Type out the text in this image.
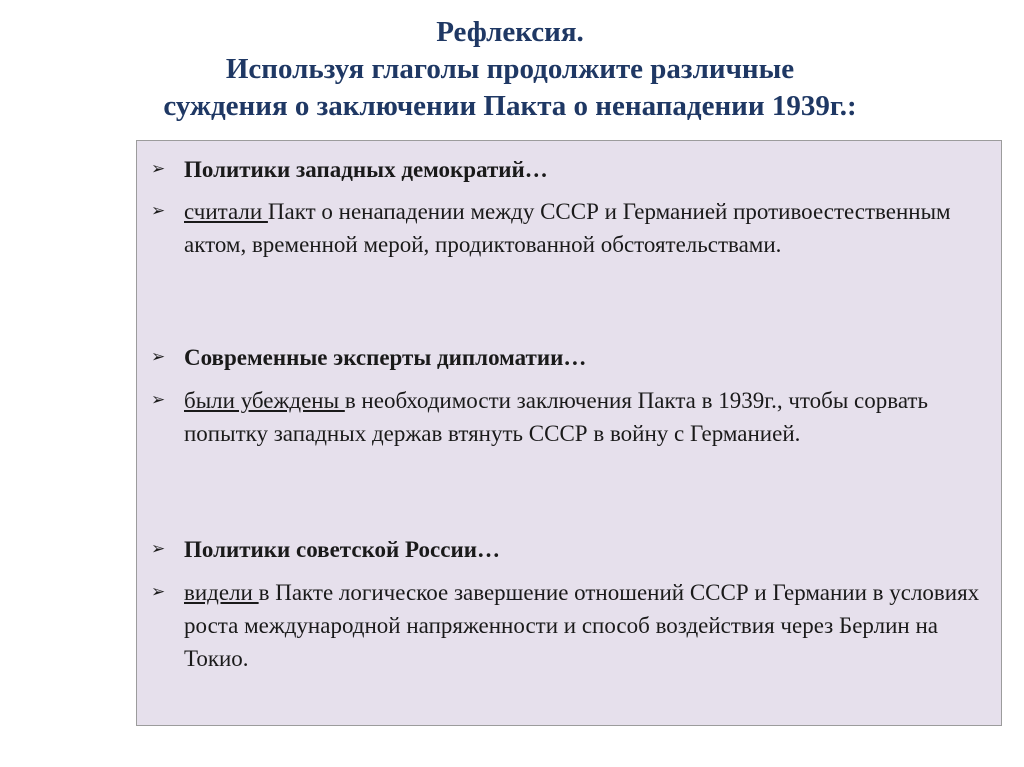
Рефлексия.
Используя глаголы продолжите различные
суждения о заключении Пакта о ненападении 1939г.:
➢ Политики западных демократий…
➢ считали Пакт о ненападении между СССР и Германией противоестественным актом, временной мерой, продиктованной обстоятельствами.
➢ Современные эксперты дипломатии…
➢ были убеждены в необходимости заключения Пакта в 1939г., чтобы сорвать попытку западных держав втянуть СССР в войну с Германией.
➢ Политики советской России…
➢ видели в Пакте логическое завершение отношений СССР и Германии в условиях роста международной напряженности и способ воздействия через Берлин на Токио.
